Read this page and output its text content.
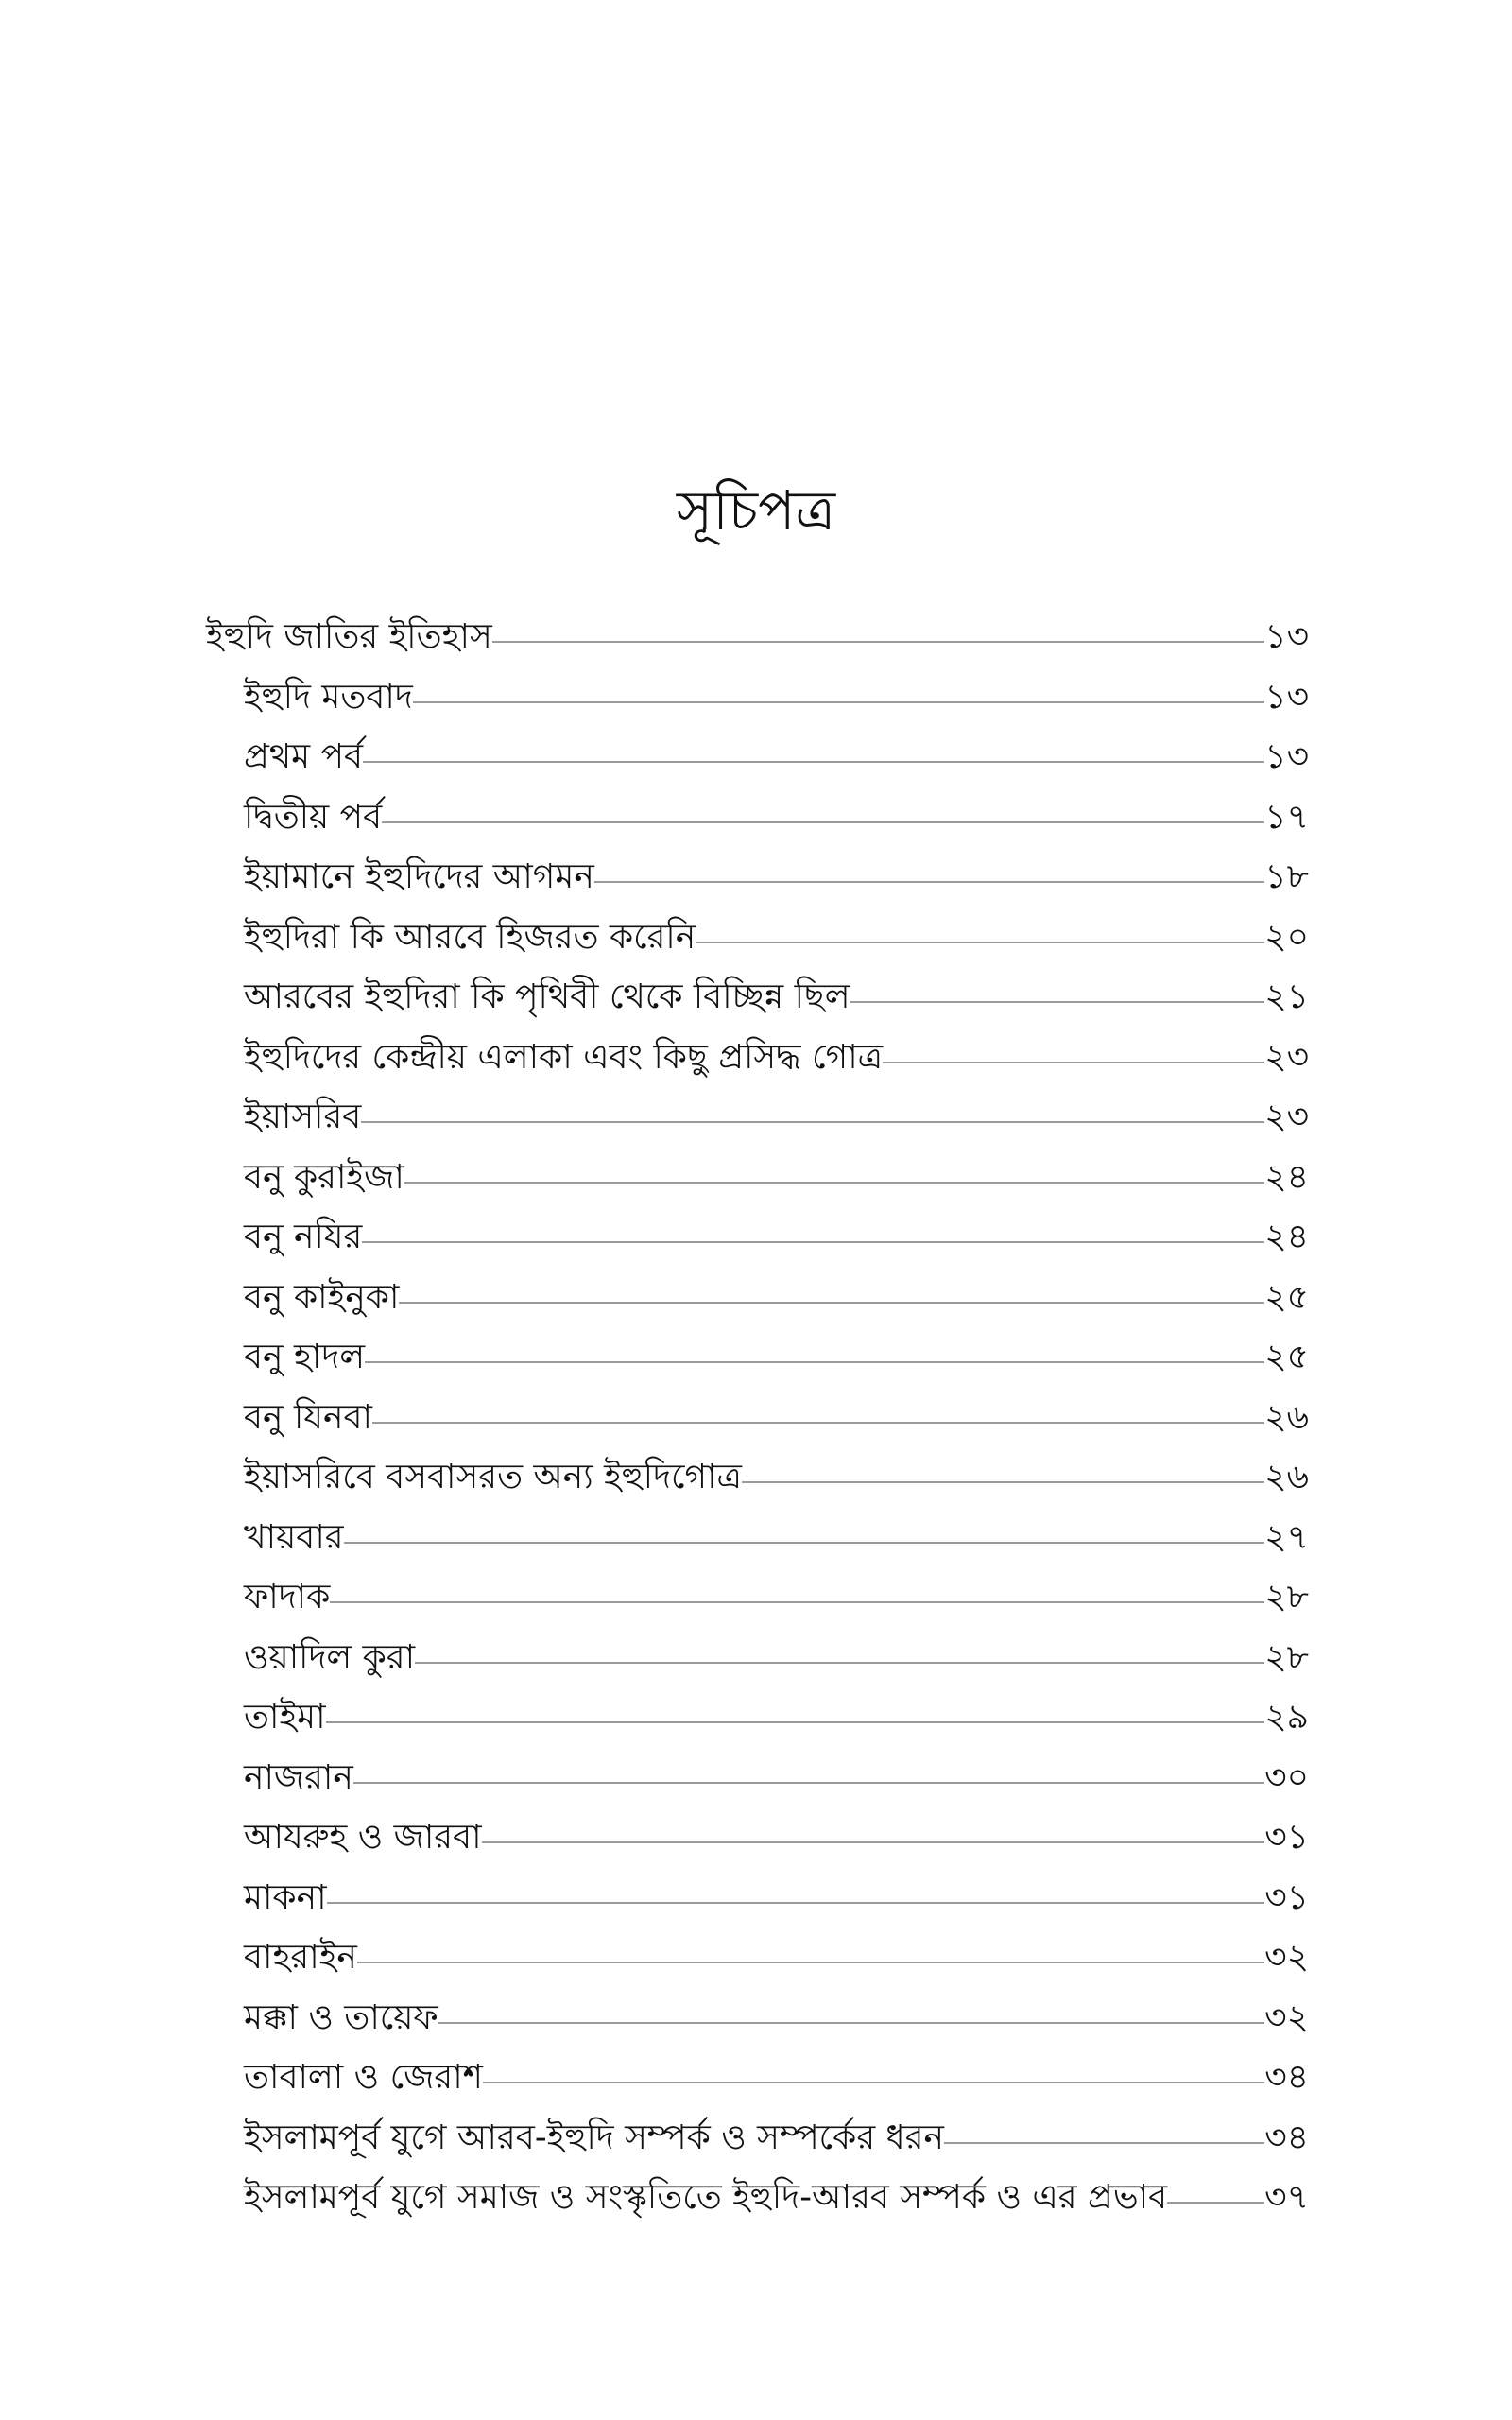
সূচিপত্র
ইহুদি জাতির ইতিহাস	১৩
ইহুদি মতবাদ	১৩
প্রথম পর্ব	১৩
দ্বিতীয় পর্ব	১৭
ইয়ামানে ইহুদিদের আগমন	১৮
ইহুদিরা কি আরবে হিজরত করেনি	২০
আরবের ইহুদিরা কি পৃথিবী থেকে বিচ্ছিন্ন ছিল	২১
ইহুদিদের কেন্দ্রীয় এলাকা এবং কিছু প্রসিদ্ধ গোত্র	২৩
ইয়াসরিব	২৩
বনু কুরাইজা	২৪
বনু নযির	২৪
বনু কাইনুকা	২৫
বনু হাদল	২৫
বনু যিনবা	২৬
ইয়াসরিবে বসবাসরত অন্য ইহুদিগোত্র	২৬
খায়বার	২৭
ফাদাক	২৮
ওয়াদিল কুরা	২৮
তাইমা	২৯
নাজরান	৩০
আযরুহ ও জারবা	৩১
মাকনা	৩১
বাহরাইন	৩২
মক্কা ও তায়েফ	৩২
তাবালা ও জেরাশ	৩৪
ইসলামপূর্ব যুগে আরব-ইহুদি সম্পর্ক ও সম্পর্কের ধরন	৩৪
ইসলামপূর্ব যুগে সমাজ ও সংস্কৃতিতে ইহুদি-আরব সম্পর্ক ও এর প্রভাব	৩৭
